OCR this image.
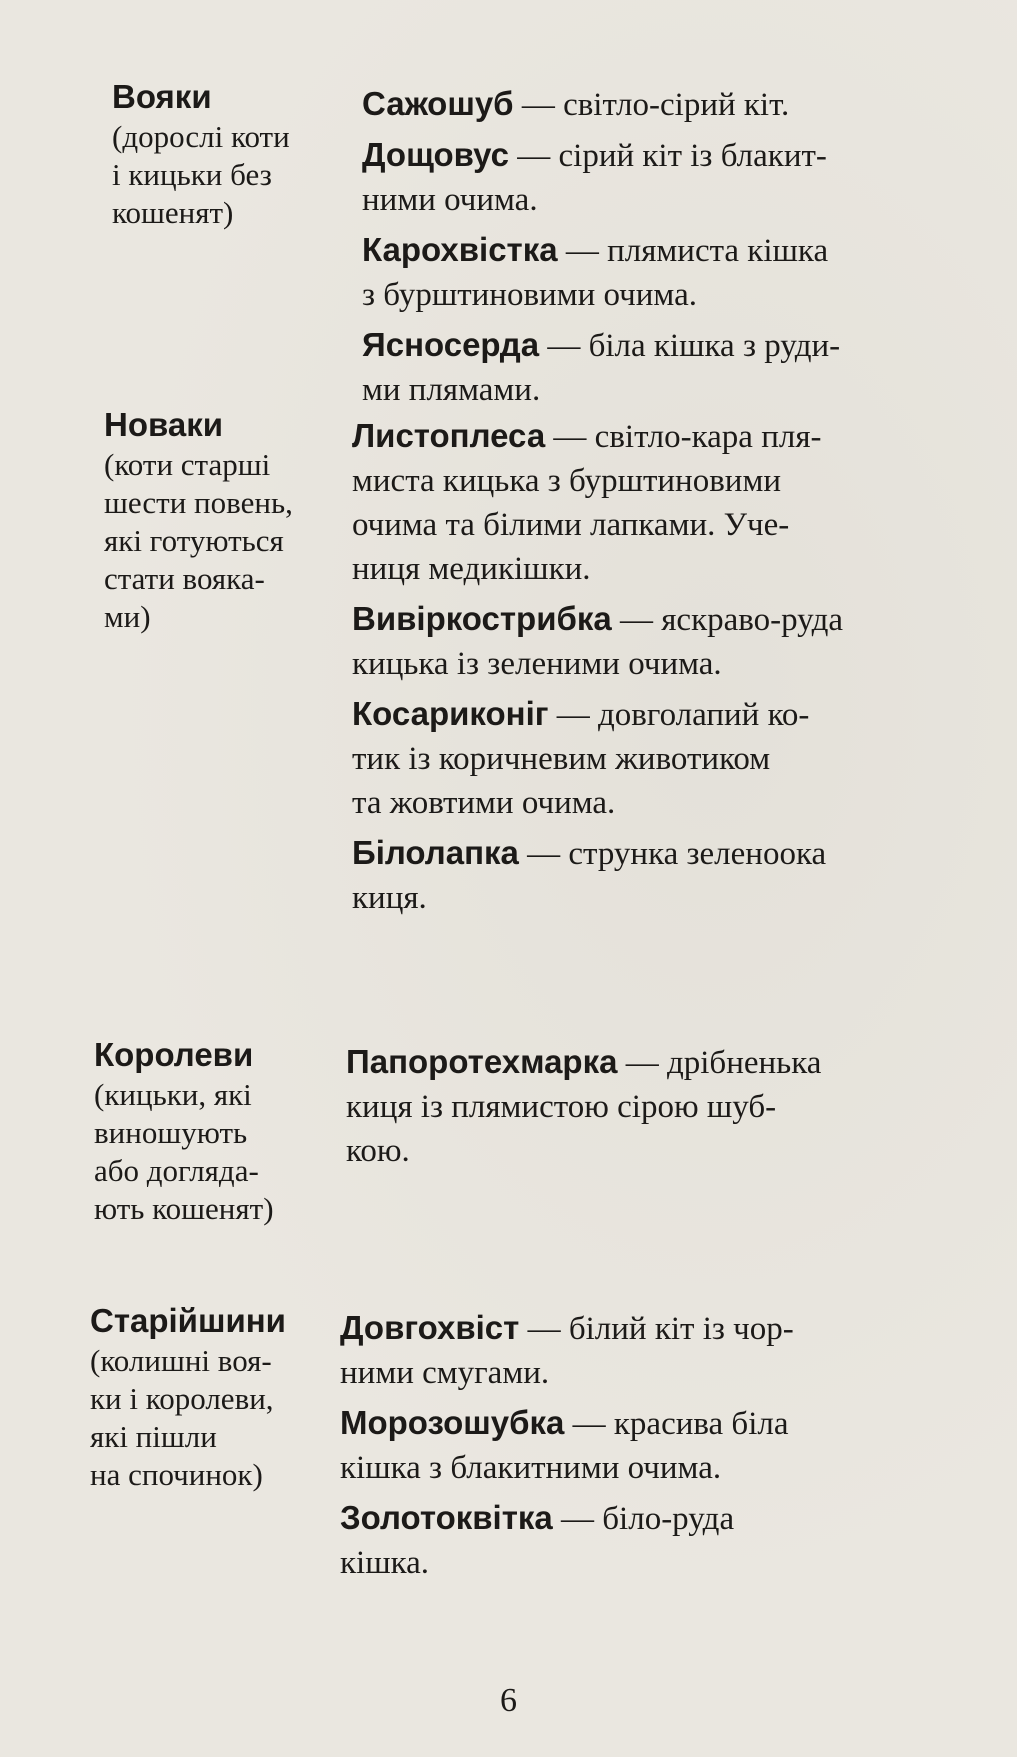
Вояки
(дорослі коти
і кицьки без
кошенят)
Сажошуб — світло-сірий кіт.
Дощовус — сірий кіт із блакит-
ними очима.
Карохвістка — плямиста кішка
з бурштиновими очима.
Ясносерда — біла кішка з руди-
ми плямами.
Новаки
(коти старші
шести повень,
які готуються
стати вояка-
ми)
Листоплеса — світло-кара пля-
миста кицька з бурштиновими
очима та білими лапками. Уче-
ниця медикішки.
Вивіркострибка — яскраво-руда
кицька із зеленими очима.
Косариконіг — довголапий ко-
тик із коричневим животиком
та жовтими очима.
Білолапка — струнка зеленоока
киця.
Королеви
(кицьки, які
виношують
або догляда-
ють кошенят)
Папоротехмарка — дрібненька
киця із плямистою сірою шуб-
кою.
Старійшини
(колишні воя-
ки і королеви,
які пішли
на спочинок)
Довгохвіст — білий кіт із чор-
ними смугами.
Морозошубка — красива біла
кішка з блакитними очима.
Золотоквітка — біло-руда
кішка.
6
